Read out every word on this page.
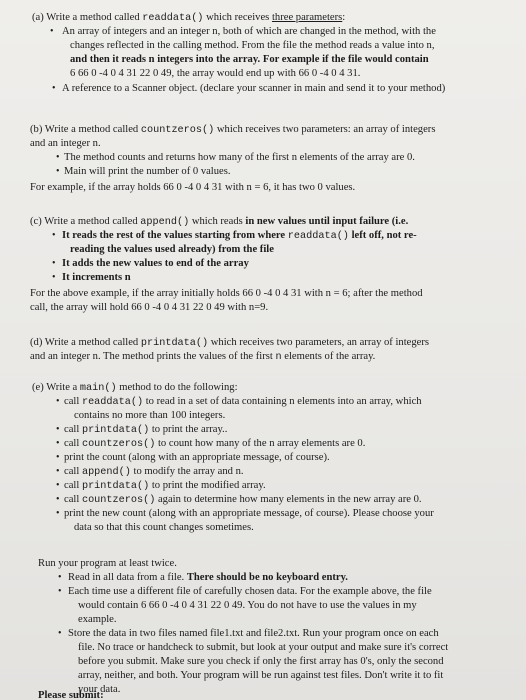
(a) Write a method called readdata() which receives three parameters:
• An array of integers and an integer n, both of which are changed in the method, with the
changes reflected in the calling method. From the file the method reads a value into n,
and then it reads n integers into the array. For example if the file would contain
6 66 0 -4 0 4 31 22 0 49, the array would end up with 66 0 -4 0 4 31.
• A reference to a Scanner object. (declare your scanner in main and send it to your method)
(b) Write a method called countzeros() which receives two parameters: an array of integers
and an integer n.
• The method counts and returns how many of the first n elements of the array are 0.
• Main will print the number of 0 values.
For example, if the array holds 66 0 -4 0 4 31 with n = 6, it has two 0 values.
(c) Write a method called append() which reads in new values until input failure (i.e.
• It reads the rest of the values starting from where readdata() left off, not re-
reading the values used already) from the file
• It adds the new values to end of the array
• It increments n
For the above example, if the array initially holds 66 0 -4 0 4 31 with n = 6; after the method
call, the array will hold 66 0 -4 0 4 31 22 0 49 with n=9.
(d) Write a method called printdata() which receives two parameters, an array of integers
and an integer n. The method prints the values of the first n elements of the array.
(e) Write a main() method to do the following:
• call readdata() to read in a set of data containing n elements into an array, which
contains no more than 100 integers.
• call printdata() to print the array..
• call countzeros() to count how many of the n array elements are 0.
• print the count (along with an appropriate message, of course).
• call append() to modify the array and n.
• call printdata() to print the modified array.
• call countzeros() again to determine how many elements in the new array are 0.
• print the new count (along with an appropriate message, of course). Please choose your
data so that this count changes sometimes.
Run your program at least twice.
• Read in all data from a file. There should be no keyboard entry.
• Each time use a different file of carefully chosen data. For the example above, the file
would contain 6 66 0 -4 0 4 31 22 0 49. You do not have to use the values in my
example.
• Store the data in two files named file1.txt and file2.txt. Run your program once on each
file. No trace or handcheck to submit, but look at your output and make sure it's correct
before you submit. Make sure you check if only the first array has 0's, only the second
array, neither, and both. Your program will be run against test files. Don't write it to fit
your data.
Please submit:
